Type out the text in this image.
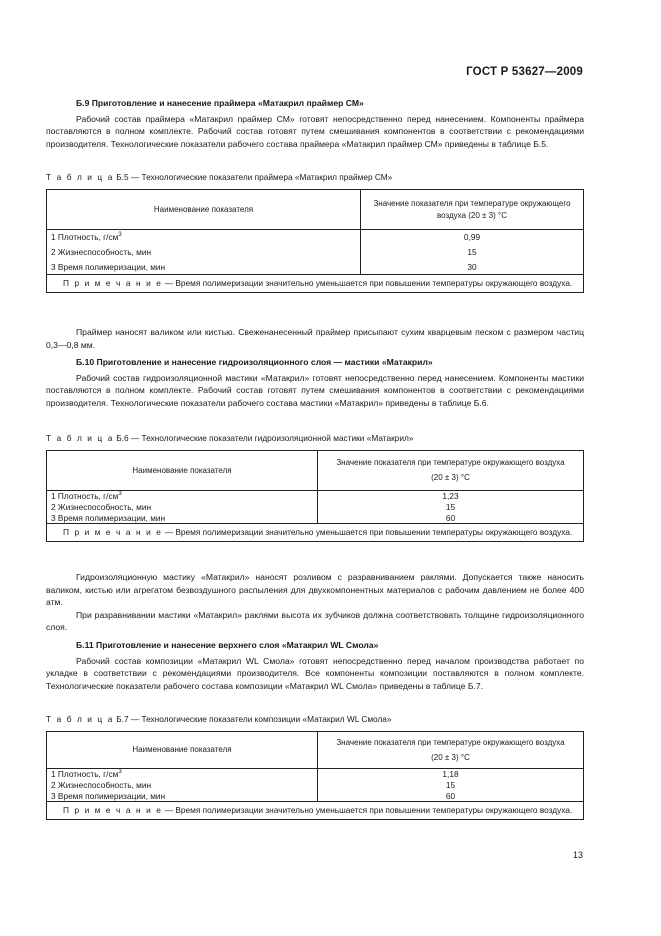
ГОСТ Р 53627—2009

Б.9 Приготовление и нанесение праймера «Матакрил праймер СМ»

Рабочий состав праймера «Матакрил праймер СМ» готовят непосредственно перед нанесением. Компоненты праймера поставляются в полном комплекте. Рабочий состав готовят путем смешивания компонентов в соответствии с рекомендациями производителя. Технологические показатели рабочего состава праймера «Матакрил праймер СМ» приведены в таблице Б.5.

Т а б л и ц а Б.5 — Технологические показатели праймера «Матакрил праймер СМ»
Наименование показателя	Значение показателя при температуре окружающего воздуха (20 ± 3) °С
1 Плотность, $г/см^3$	0,99
2 Жизнеспособность, мин	15
3 Время полимеризации, мин	30
П р и м е ч а н и е — Время полимеризации значительно уменьшается при повышении температуры окружающего воздуха.	

Праймер наносят валиком или кистью. Свеженанесенный праймер присыпают сухим кварцевым песком с размером частиц 0,3—0,8 мм.

Б.10 Приготовление и нанесение гидроизоляционного слоя — мастики «Матакрил»

Рабочий состав гидроизоляционной мастики «Матакрил» готовят непосредственно перед нанесением. Компоненты мастики поставляются в полном комплекте. Рабочий состав готовят путем смешивания компонентов в соответствии с рекомендациями производителя. Технологические показатели рабочего состава мастики «Матакрил» приведены в таблице Б.6.

Т а б л и ц а Б.6 — Технологические показатели гидроизоляционной мастики «Матакрил»
Наименование показателя	Значение показателя при температуре окружающего воздуха
(20 ± 3) °С

1 Плотность, $г/см^3$	1,23
2 Жизнеспособность, мин	15
3 Время полимеризации, мин	60
П р и м е ч а н и е — Время полимеризации значительно уменьшается при повышении температуры окружающего воздуха.	

Гидроизоляционную мастику «Матакрил» наносят розливом с разравниванием раклями. Допускается также наносить валиком, кистью или агрегатом безвоздушного распыления для двухкомпонентных материалов с рабочим давлением не более 400 атм.

При разравнивании мастики «Матакрил» раклями высота их зубчиков должна соответствовать толщине гидроизоляционного слоя.

Б.11 Приготовление и нанесение верхнего слоя «Матакрил WL Смола»

Рабочий состав композиции «Матакрил WL Смола» готовят непосредственно перед началом производства работает по укладке в соответствии с рекомендациями производителя. Все компоненты композиции поставляются в полном комплекте. Технологические показатели рабочего состава композиции «Матакрил WL Смола» приведены в таблице Б.7.

Т а б л и ц а Б.7 — Технологические показатели композиции «Матакрил WL Смола»
Наименование показателя	Значение показателя при температуре окружающего воздуха
(20 ± 3) °С

1 Плотность, $г/см^3$	1,18
2 Жизнеспособность, мин	15
3 Время полимеризации, мин	60
П р и м е ч а н и е — Время полимеризации значительно уменьшается при повышении температуры окружающего воздуха.	
13
